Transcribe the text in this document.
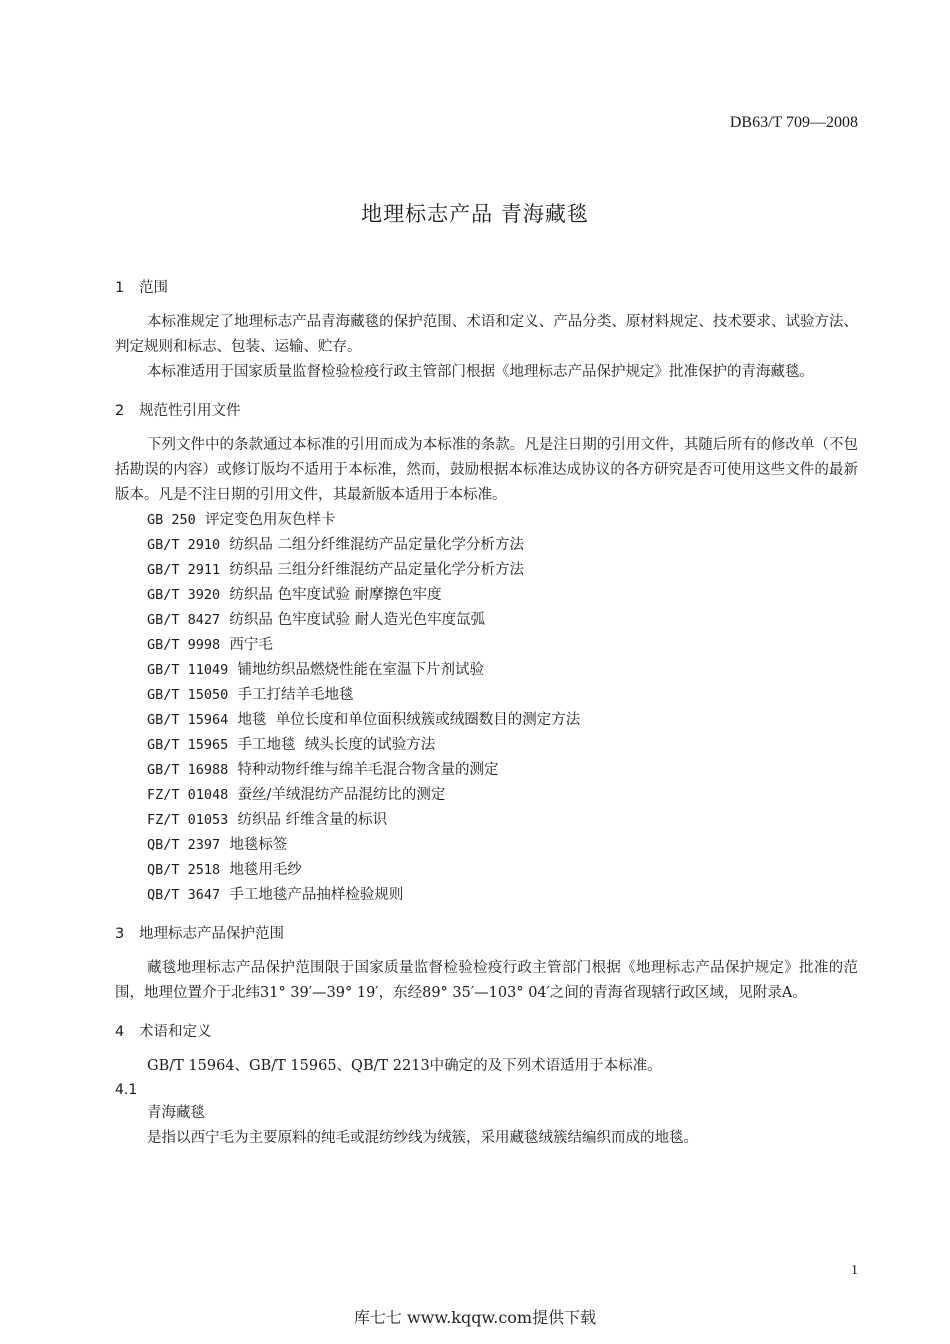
DB63/T 709—2008
地理标志产品 青海藏毯
1 范围

本标准规定了地理标志产品青海藏毯的保护范围、术语和定义、产品分类、原材料规定、技术要求、试验方法、判定规则和标志、包装、运输、贮存。

本标准适用于国家质量监督检验检疫行政主管部门根据《地理标志产品保护规定》批准保护的青海藏毯。

2 规范性引用文件

下列文件中的条款通过本标准的引用而成为本标准的条款。凡是注日期的引用文件，其随后所有的修改单（不包括勘误的内容）或修订版均不适用于本标准，然而，鼓励根据本标准达成协议的各方研究是否可使用这些文件的最新版本。凡是不注日期的引用文件，其最新版本适用于本标准。

GB 250 评定变色用灰色样卡
GB/T 2910 纺织品 二组分纤维混纺产品定量化学分析方法
GB/T 2911 纺织品 三组分纤维混纺产品定量化学分析方法
GB/T 3920 纺织品 色牢度试验 耐摩擦色牢度
GB/T 8427 纺织品 色牢度试验 耐人造光色牢度氙弧
GB/T 9998 西宁毛
GB/T 11049 铺地纺织品燃烧性能在室温下片剂试验
GB/T 15050 手工打结羊毛地毯
GB/T 15964 地毯  单位长度和单位面积绒簇或绒圈数目的测定方法
GB/T 15965 手工地毯  绒头长度的试验方法
GB/T 16988 特种动物纤维与绵羊毛混合物含量的测定
FZ/T 01048 蚕丝/羊绒混纺产品混纺比的测定
FZ/T 01053 纺织品 纤维含量的标识
QB/T 2397 地毯标签
QB/T 2518 地毯用毛纱
QB/T 3647 手工地毯产品抽样检验规则
3 地理标志产品保护范围

藏毯地理标志产品保护范围限于国家质量监督检验检疫行政主管部门根据《地理标志产品保护规定》批准的范围，地理位置介于北纬31° 39′—39° 19′，东经89° 35′—103° 04′之间的青海省现辖行政区域，见附录A。

4 术语和定义

GB/T 15964、GB/T 15965、QB/T 2213中确定的及下列术语适用于本标准。

4.1
青海藏毯

是指以西宁毛为主要原料的纯毛或混纺纱线为绒簇，采用藏毯绒簇结编织而成的地毯。

1
库七七 www.kqqw.com提供下载
